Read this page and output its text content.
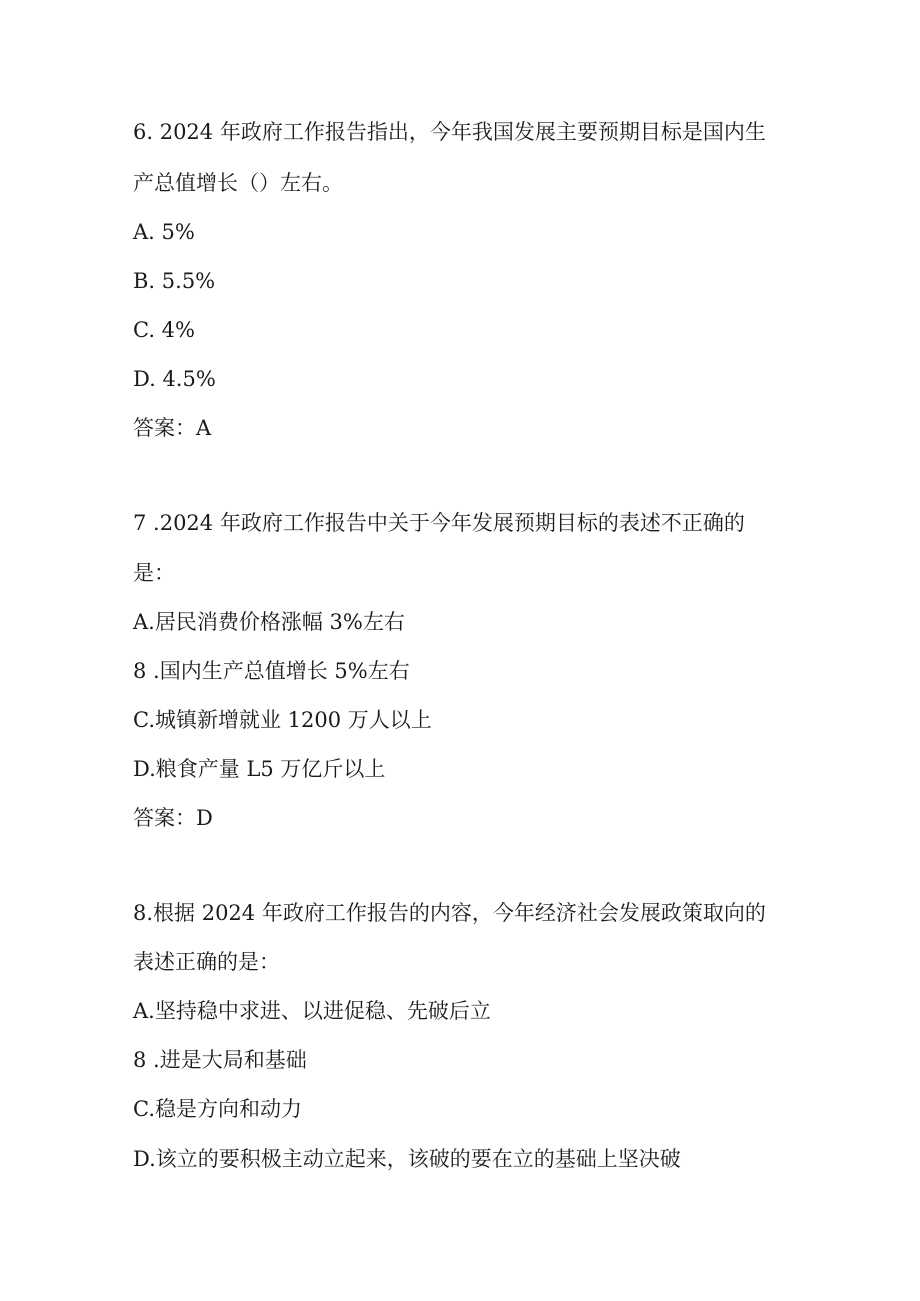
6. 2024 年政府工作报告指出，今年我国发展主要预期目标是国内生
产总值增长（）左右。
A. 5%
B. 5.5%
C. 4%
D. 4.5%
答案：A
7 .2024 年政府工作报告中关于今年发展预期目标的表述不正确的
是：
A.居民消费价格涨幅 3%左右
8 .国内生产总值增长 5%左右
C.城镇新增就业 1200 万人以上
D.粮食产量 L5 万亿斤以上
答案：D
8.根据 2024 年政府工作报告的内容，今年经济社会发展政策取向的
表述正确的是：
A.坚持稳中求进、以进促稳、先破后立
8 .进是大局和基础
C.稳是方向和动力
D.该立的要积极主动立起来，该破的要在立的基础上坚决破
